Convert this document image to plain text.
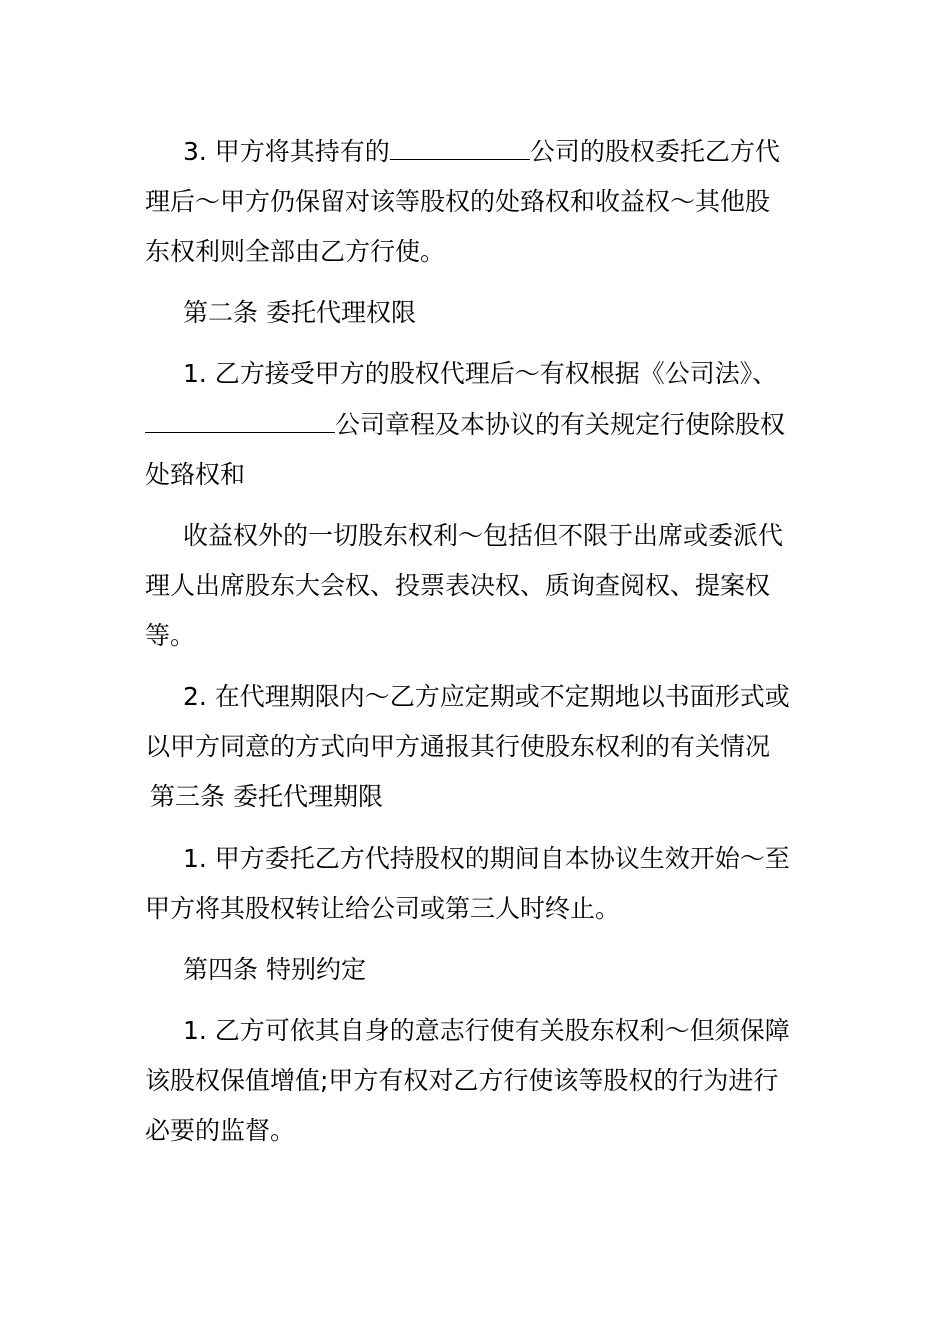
3. 甲方将其持有的	公司的股权委托乙方代
理后～甲方仍保留对该等股权的处臵权和收益权～其他股
东权利则全部由乙方行使。
第二条 委托代理权限
1. 乙方接受甲方的股权代理后～有权根据《公司法》、
公司章程及本协议的有关规定行使除股权
处臵权和
收益权外的一切股东权利～包括但不限于出席或委派代
理人出席股东大会权、投票表决权、质询查阅权、提案权
等。
2. 在代理期限内～乙方应定期或不定期地以书面形式或
以甲方同意的方式向甲方通报其行使股东权利的有关情况
第三条 委托代理期限
1. 甲方委托乙方代持股权的期间自本协议生效开始～至
甲方将其股权转让给公司或第三人时终止。
第四条 特别约定
1. 乙方可依其自身的意志行使有关股东权利～但须保障
该股权保值增值;甲方有权对乙方行使该等股权的行为进行
必要的监督。
